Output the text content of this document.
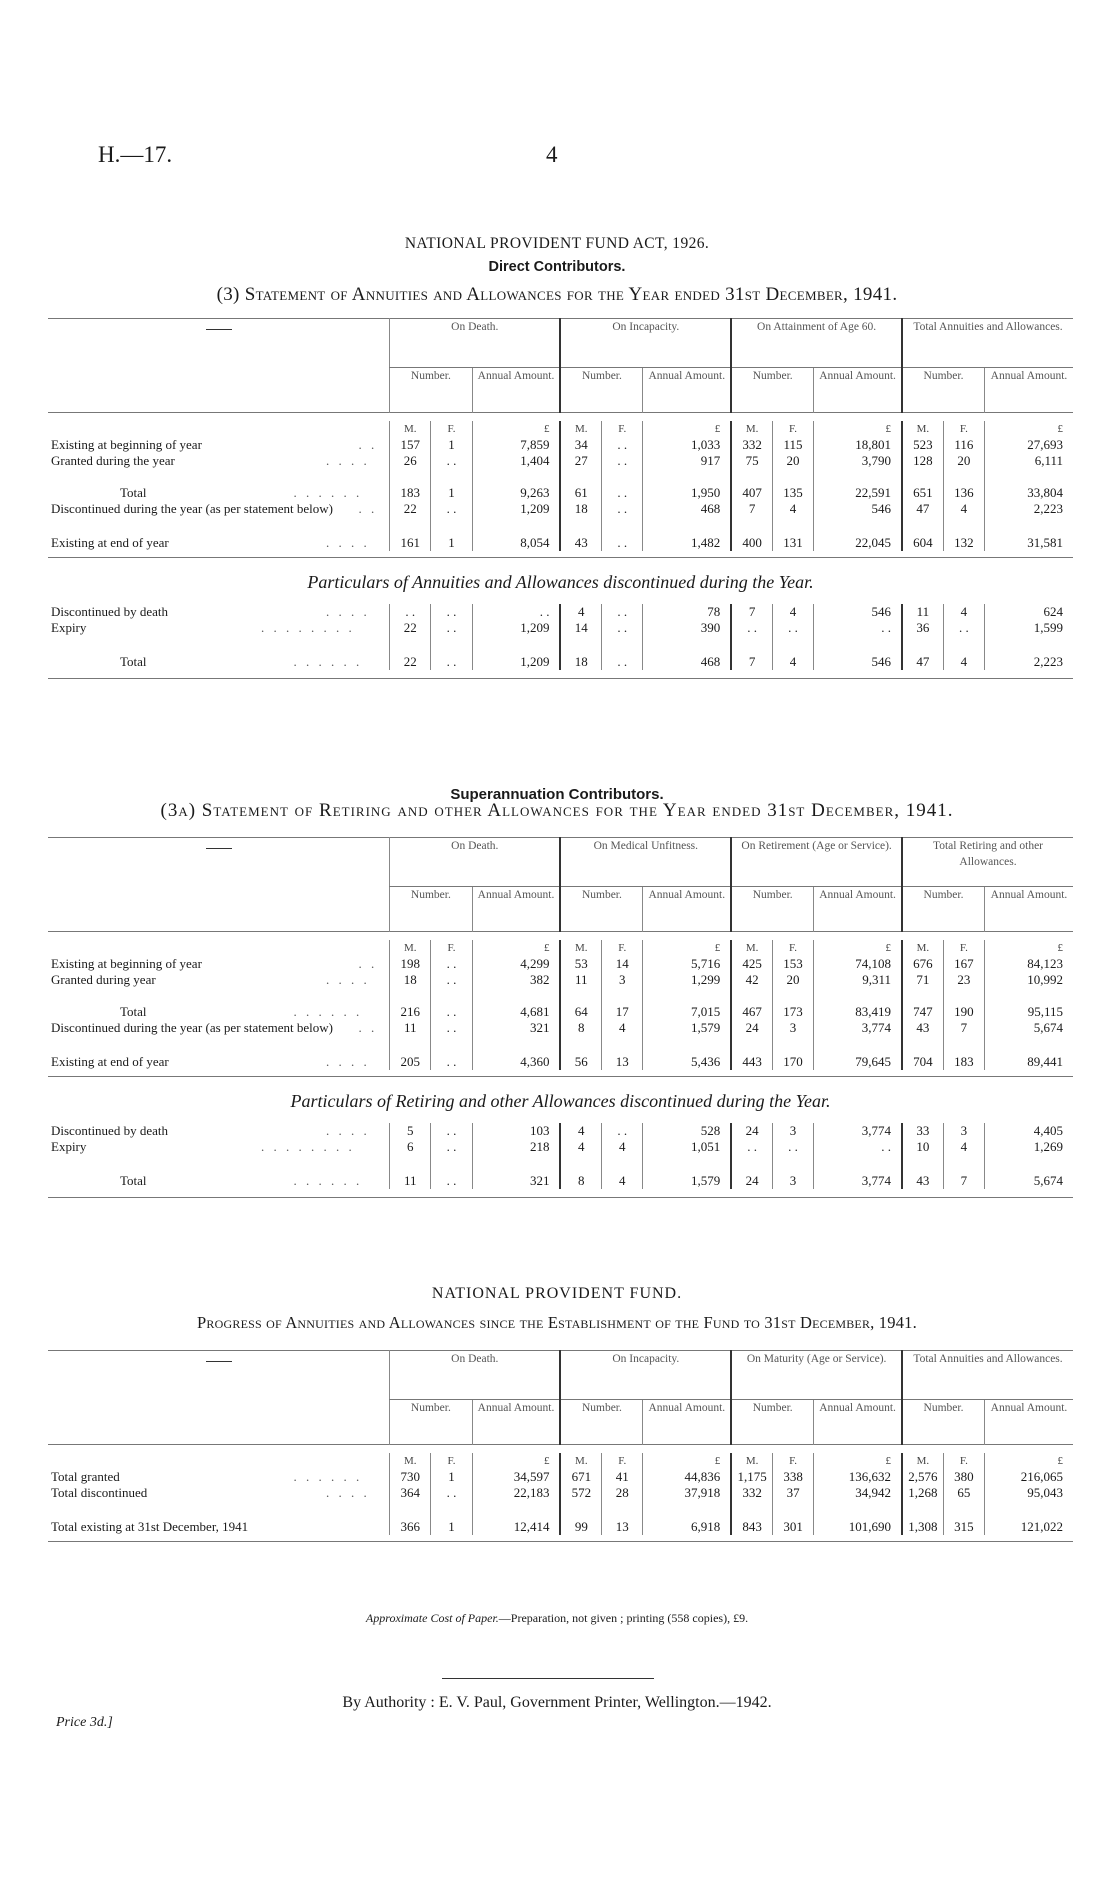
H.—17.	4
NATIONAL PROVIDENT FUND ACT, 1926.
Direct Contributors.
(3) Statement of Annuities and Allowances for the Year ended 31st December, 1941.
	On Death.			On Incapacity.			On Attainment of Age 60.			Total Annuities and Allowances.		
	Number.		Annual Amount.	Number.		Annual Amount.	Number.		Annual Amount.	Number.		Annual Amount.

	M.	F.	£	M.	F.	£	M.	F.	£	M.	F.	£
Existing at beginning of year . .	157	1	7,859	34	. .	1,033	332	115	18,801	523	116	27,693
Granted during the year . . . .	26	. .	1,404	27	. .	917	75	20	3,790	128	20	6,111
Total . . . . . .	183	1	9,263	61	. .	1,950	407	135	22,591	651	136	33,804
Discontinued during the year (as per statement below) . .	22	. .	1,209	18	. .	468	7	4	546	47	4	2,223
Existing at end of year . . . .	161	1	8,054	43	. .	1,482	400	131	22,045	604	132	31,581

Particulars of Annuities and Allowances discontinued during the Year.												
Discontinued by death . . . .	. .	. .	. .	4	. .	78	7	4	546	11	4	624
Expiry . . . . . . . .	22	. .	1,209	14	. .	390	. .	. .	. .	36	. .	1,599
Total . . . . . .	22	. .	1,209	18	. .	468	7	4	546	47	4	2,223

Superannuation Contributors.
(3a) Statement of Retiring and other Allowances for the Year ended 31st December, 1941.
	On Death.			On Medical Unfitness.			On Retirement (Age or Service).			Total Retiring and other Allowances.		
	Number.		Annual Amount.	Number.		Annual Amount.	Number.		Annual Amount.	Number.		Annual Amount.

	M.	F.	£	M.	F.	£	M.	F.	£	M.	F.	£
Existing at beginning of year . .	198	. .	4,299	53	14	5,716	425	153	74,108	676	167	84,123
Granted during year . . . .	18	. .	382	11	3	1,299	42	20	9,311	71	23	10,992
Total . . . . . .	216	. .	4,681	64	17	7,015	467	173	83,419	747	190	95,115
Discontinued during the year (as per statement below) . .	11	. .	321	8	4	1,579	24	3	3,774	43	7	5,674
Existing at end of year . . . .	205	. .	4,360	56	13	5,436	443	170	79,645	704	183	89,441

Particulars of Retiring and other Allowances discontinued during the Year.												
Discontinued by death . . . .	5	. .	103	4	. .	528	24	3	3,774	33	3	4,405
Expiry . . . . . . . .	6	. .	218	4	4	1,051	. .	. .	. .	10	4	1,269
Total . . . . . .	11	. .	321	8	4	1,579	24	3	3,774	43	7	5,674

NATIONAL PROVIDENT FUND.
Progress of Annuities and Allowances since the Establishment of the Fund to 31st December, 1941.
	On Death.			On Incapacity.			On Maturity (Age or Service).			Total Annuities and Allowances.		
	Number.		Annual Amount.	Number.		Annual Amount.	Number.		Annual Amount.	Number.		Annual Amount.

	M.	F.	£	M.	F.	£	M.	F.	£	M.	F.	£
Total granted . . . . . .	730	1	34,597	671	41	44,836	1,175	338	136,632	2,576	380	216,065
Total discontinued . . . .	364	. .	22,183	572	28	37,918	332	37	34,942	1,268	65	95,043
Total existing at 31st December, 1941	366	1	12,414	99	13	6,918	843	301	101,690	1,308	315	121,022

Approximate Cost of Paper.—Preparation, not given ; printing (558 copies), £9.
By Authority : E. V. Paul, Government Printer, Wellington.—1942.
Price 3d.]
